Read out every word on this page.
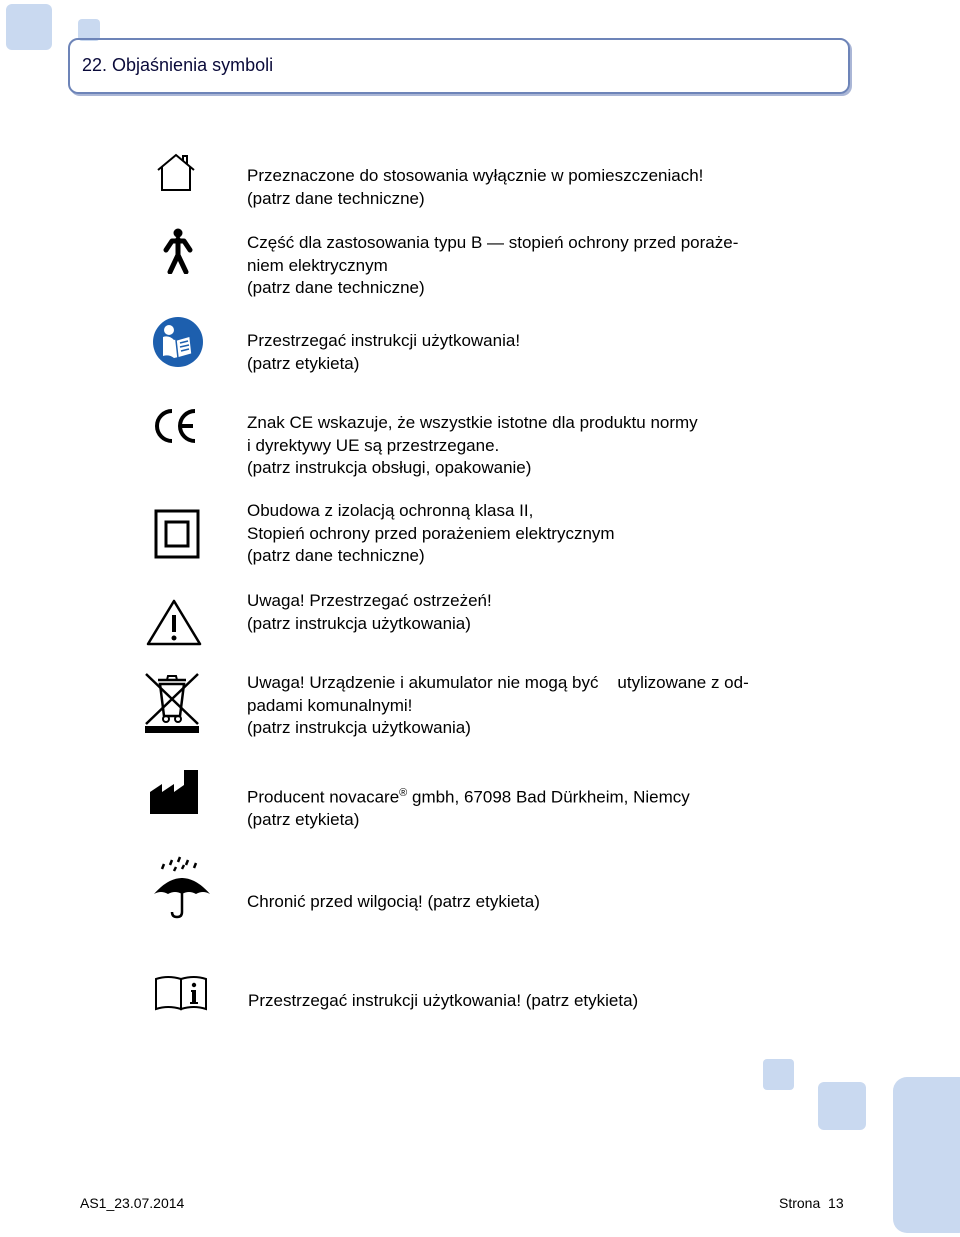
22. Objaśnienia symboli
Przeznaczone do stosowania wyłącznie w pomieszczeniach!
(patrz dane techniczne)
Część dla zastosowania typu B — stopień ochrony przed poraże-
niem elektrycznym
(patrz dane techniczne)
Przestrzegać instrukcji użytkowania!
(patrz etykieta)
Znak CE wskazuje, że wszystkie istotne dla produktu normy
i dyrektywy UE są przestrzegane.
(patrz instrukcja obsługi, opakowanie)
Obudowa z izolacją ochronną klasa II,
Stopień ochrony przed porażeniem elektrycznym
(patrz dane techniczne)
Uwaga! Przestrzegać ostrzeżeń!
(patrz instrukcja użytkowania)
Uwaga! Urządzenie i akumulator nie mogą być    utylizowane z od-
padami komunalnymi!
(patrz instrukcja użytkowania)
Producent novacare® gmbh, 67098 Bad Dürkheim, Niemcy
(patrz etykieta)
Chronić przed wilgocią! (patrz etykieta)
Przestrzegać instrukcji użytkowania! (patrz etykieta)
AS1_23.07.2014	Strona  13
